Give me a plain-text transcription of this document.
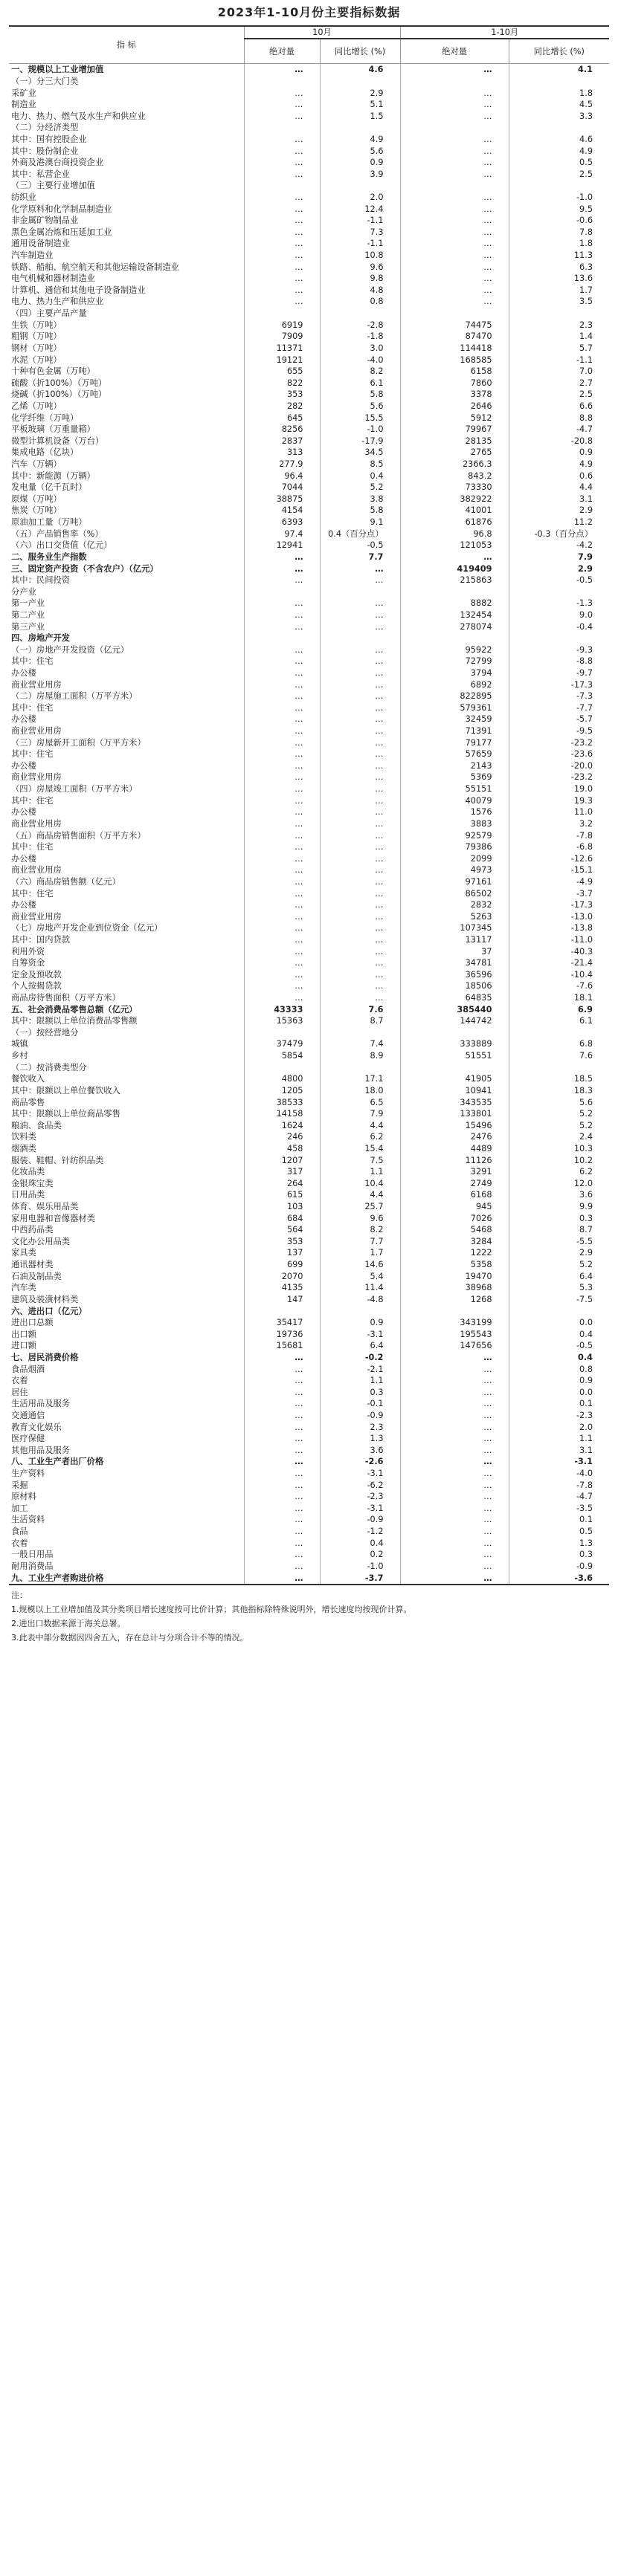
2023年1-10月份主要指标数据
指 标	10月		1-10月	
	绝对量	同比增长 (%)	绝对量	同比增长 (%)
一、规模以上工业增加值	…	4.6	…	4.1
（一）分三大门类				
采矿业	…	2.9	…	1.8
制造业	…	5.1	…	4.5
电力、热力、燃气及水生产和供应业	…	1.5	…	3.3
（二）分经济类型				
其中：国有控股企业	…	4.9	…	4.6
其中：股份制企业	…	5.6	…	4.9
外商及港澳台商投资企业	…	0.9	…	0.5
其中：私营企业	…	3.9	…	2.5
（三）主要行业增加值				
纺织业	…	2.0	…	-1.0
化学原料和化学制品制造业	…	12.4	…	9.5
非金属矿物制品业	…	-1.1	…	-0.6
黑色金属冶炼和压延加工业	…	7.3	…	7.8
通用设备制造业	…	-1.1	…	1.8
汽车制造业	…	10.8	…	11.3
铁路、船舶、航空航天和其他运输设备制造业	…	9.6	…	6.3
电气机械和器材制造业	…	9.8	…	13.6
计算机、通信和其他电子设备制造业	…	4.8	…	1.7
电力、热力生产和供应业	…	0.8	…	3.5
（四）主要产品产量				
生铁（万吨）	6919	-2.8	74475	2.3
粗钢（万吨）	7909	-1.8	87470	1.4
钢材（万吨）	11371	3.0	114418	5.7
水泥（万吨）	19121	-4.0	168585	-1.1
十种有色金属（万吨）	655	8.2	6158	7.0
硫酸（折100%）（万吨）	822	6.1	7860	2.7
烧碱（折100%）（万吨）	353	5.8	3378	2.5
乙烯（万吨）	282	5.6	2646	6.6
化学纤维（万吨）	645	15.5	5912	8.8
平板玻璃（万重量箱）	8256	-1.0	79967	-4.7
微型计算机设备（万台）	2837	-17.9	28135	-20.8
集成电路（亿块）	313	34.5	2765	0.9
汽车（万辆）	277.9	8.5	2366.3	4.9
其中：新能源（万辆）	96.4	0.4	843.2	0.6
发电量（亿千瓦时）	7044	5.2	73330	4.4
原煤（万吨）	38875	3.8	382922	3.1
焦炭（万吨）	4154	5.8	41001	2.9
原油加工量（万吨）	6393	9.1	61876	11.2
（五）产品销售率（%）	97.4	0.4（百分点）	96.8	-0.3（百分点）
（六）出口交货值（亿元）	12941	-0.5	121053	-4.2
二、服务业生产指数	…	7.7	…	7.9
三、固定资产投资（不含农户）（亿元）	…	…	419409	2.9
其中：民间投资	…	…	215863	-0.5
分产业				
第一产业	…	…	8882	-1.3
第二产业	…	…	132454	9.0
第三产业	…	…	278074	-0.4
四、房地产开发				
（一）房地产开发投资（亿元）	…	…	95922	-9.3
其中：住宅	…	…	72799	-8.8
办公楼	…	…	3794	-9.7
商业营业用房	…	…	6892	-17.3
（二）房屋施工面积（万平方米）	…	…	822895	-7.3
其中：住宅	…	…	579361	-7.7
办公楼	…	…	32459	-5.7
商业营业用房	…	…	71391	-9.5
（三）房屋新开工面积（万平方米）	…	…	79177	-23.2
其中：住宅	…	…	57659	-23.6
办公楼	…	…	2143	-20.0
商业营业用房	…	…	5369	-23.2
（四）房屋竣工面积（万平方米）	…	…	55151	19.0
其中：住宅	…	…	40079	19.3
办公楼	…	…	1576	11.0
商业营业用房	…	…	3883	3.2
（五）商品房销售面积（万平方米）	…	…	92579	-7.8
其中：住宅	…	…	79386	-6.8
办公楼	…	…	2099	-12.6
商业营业用房	…	…	4973	-15.1
（六）商品房销售额（亿元）	…	…	97161	-4.9
其中：住宅	…	…	86502	-3.7
办公楼	…	…	2832	-17.3
商业营业用房	…	…	5263	-13.0
（七）房地产开发企业到位资金（亿元）	…	…	107345	-13.8
其中：国内贷款	…	…	13117	-11.0
利用外资	…	…	37	-40.3
自筹资金	…	…	34781	-21.4
定金及预收款	…	…	36596	-10.4
个人按揭贷款	…	…	18506	-7.6
商品房待售面积（万平方米）	…	…	64835	18.1
五、社会消费品零售总额（亿元）	43333	7.6	385440	6.9
其中：限额以上单位消费品零售额	15363	8.7	144742	6.1
（一）按经营地分				
城镇	37479	7.4	333889	6.8
乡村	5854	8.9	51551	7.6
（二）按消费类型分				
餐饮收入	4800	17.1	41905	18.5
其中：限额以上单位餐饮收入	1205	18.0	10941	18.3
商品零售	38533	6.5	343535	5.6
其中：限额以上单位商品零售	14158	7.9	133801	5.2
粮油、食品类	1624	4.4	15496	5.2
饮料类	246	6.2	2476	2.4
烟酒类	458	15.4	4489	10.3
服装、鞋帽、针纺织品类	1207	7.5	11126	10.2
化妆品类	317	1.1	3291	6.2
金银珠宝类	264	10.4	2749	12.0
日用品类	615	4.4	6168	3.6
体育、娱乐用品类	103	25.7	945	9.9
家用电器和音像器材类	684	9.6	7026	0.3
中西药品类	564	8.2	5468	8.7
文化办公用品类	353	7.7	3284	-5.5
家具类	137	1.7	1222	2.9
通讯器材类	699	14.6	5358	5.2
石油及制品类	2070	5.4	19470	6.4
汽车类	4135	11.4	38968	5.3
建筑及装潢材料类	147	-4.8	1268	-7.5
六、进出口（亿元）				
进出口总额	35417	0.9	343199	0.0
出口额	19736	-3.1	195543	0.4
进口额	15681	6.4	147656	-0.5
七、居民消费价格	…	-0.2	…	0.4
食品烟酒	…	-2.1	…	0.8
衣着	…	1.1	…	0.9
居住	…	0.3	…	0.0
生活用品及服务	…	-0.1	…	0.1
交通通信	…	-0.9	…	-2.3
教育文化娱乐	…	2.3	…	2.0
医疗保健	…	1.3	…	1.1
其他用品及服务	…	3.6	…	3.1
八、工业生产者出厂价格	…	-2.6	…	-3.1
生产资料	…	-3.1	…	-4.0
采掘	…	-6.2	…	-7.8
原材料	…	-2.3	…	-4.7
加工	…	-3.1	…	-3.5
生活资料	…	-0.9	…	0.1
食品	…	-1.2	…	0.5
衣着	…	0.4	…	1.3
一般日用品	…	0.2	…	0.3
耐用消费品	…	-1.0	…	-0.9
九、工业生产者购进价格	…	-3.7	…	-3.6
注：
1.规模以上工业增加值及其分类项目增长速度按可比价计算；其他指标除特殊说明外，增长速度均按现价计算。
2.进出口数据来源于海关总署。
3.此表中部分数据因四舍五入，存在总计与分项合计不等的情况。
